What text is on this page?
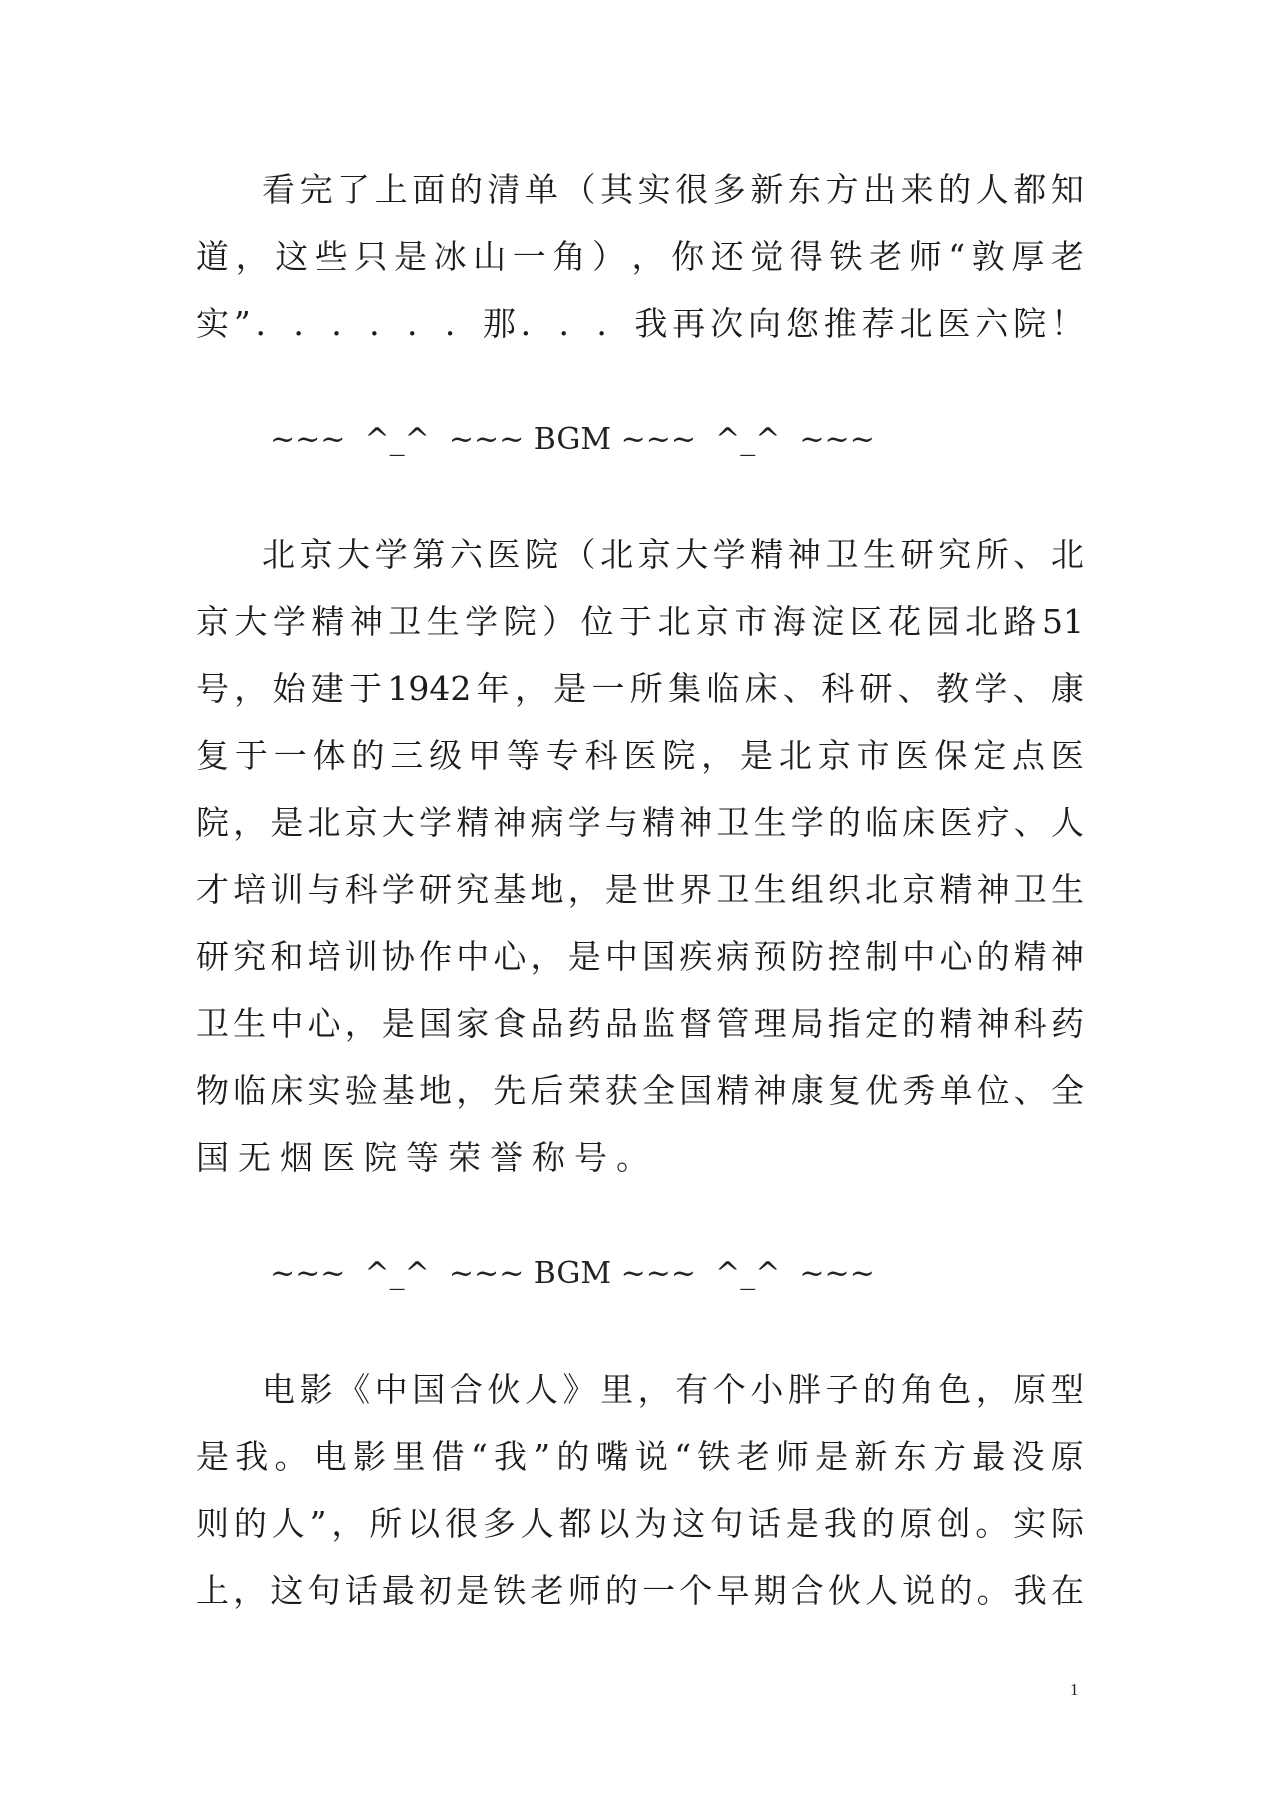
看 完 了 上 面 的 清 单 （ 其 实 很 多 新 东 方 出 来 的 人 都 知
道 ， 这 些 只 是 冰 山 一 角 ） ， 你 还 觉 得 铁 老 师 “ 敦 厚 老
实 ” ． ． ． ． ． ． 那 ． ． ． 我 再 次 向 您 推 荐 北 医 六 院 ！
~~~  ^_^  ~~~ BGM ~~~  ^_^  ~~~
北 京 大 学 第 六 医 院 （ 北 京 大 学 精 神 卫 生 研 究 所 、 北
京 大 学 精 神 卫 生 学 院 ） 位 于 北 京 市 海 淀 区 花 园 北 路 51
号 ， 始 建 于 1942 年 ， 是 一 所 集 临 床 、 科 研 、 教 学 、 康
复 于 一 体 的 三 级 甲 等 专 科 医 院 ， 是 北 京 市 医 保 定 点 医
院 ， 是 北 京 大 学 精 神 病 学 与 精 神 卫 生 学 的 临 床 医 疗 、 人
才 培 训 与 科 学 研 究 基 地 ， 是 世 界 卫 生 组 织 北 京 精 神 卫 生
研 究 和 培 训 协 作 中 心 ， 是 中 国 疾 病 预 防 控 制 中 心 的 精 神
卫 生 中 心 ， 是 国 家 食 品 药 品 监 督 管 理 局 指 定 的 精 神 科 药
物 临 床 实 验 基 地 ， 先 后 荣 获 全 国 精 神 康 复 优 秀 单 位 、 全
国无烟医院等荣誉称号。
~~~  ^_^  ~~~ BGM ~~~  ^_^  ~~~
电 影 《 中 国 合 伙 人 》 里 ， 有 个 小 胖 子 的 角 色 ， 原 型
是 我 。 电 影 里 借 “ 我 ” 的 嘴 说 “ 铁 老 师 是 新 东 方 最 没 原
则 的 人 ” ， 所 以 很 多 人 都 以 为 这 句 话 是 我 的 原 创 。 实 际
上 ， 这 句 话 最 初 是 铁 老 师 的 一 个 早 期 合 伙 人 说 的 。 我 在
1
